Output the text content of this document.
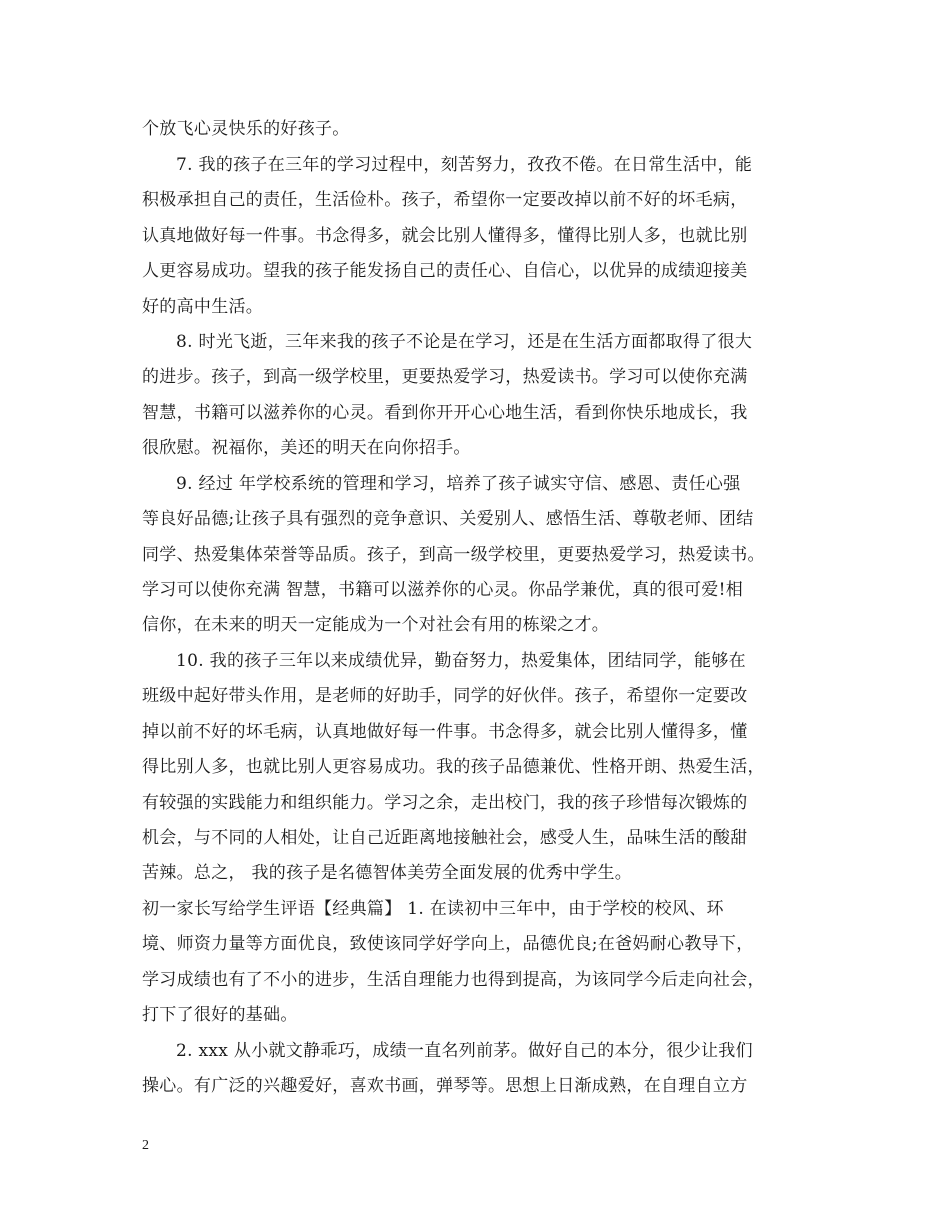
个放飞心灵快乐的好孩子。
7. 我的孩子在三年的学习过程中，刻苦努力，孜孜不倦。在日常生活中，能
积极承担自己的责任，生活俭朴。孩子，希望你一定要改掉以前不好的坏毛病，
认真地做好每一件事。书念得多，就会比别人懂得多，懂得比别人多，也就比别
人更容易成功。望我的孩子能发扬自己的责任心、自信心，以优异的成绩迎接美
好的高中生活。
8. 时光飞逝，三年来我的孩子不论是在学习，还是在生活方面都取得了很大
的进步。孩子，到高一级学校里，更要热爱学习，热爱读书。学习可以使你充满
智慧，书籍可以滋养你的心灵。看到你开开心心地生活，看到你快乐地成长，我
很欣慰。祝福你，美还的明天在向你招手。
9. 经过 年学校系统的管理和学习，培养了孩子诚实守信、感恩、责任心强
等良好品德;让孩子具有强烈的竞争意识、关爱别人、感悟生活、尊敬老师、团结
同学、热爱集体荣誉等品质。孩子，到高一级学校里，更要热爱学习，热爱读书。
学习可以使你充满 智慧，书籍可以滋养你的心灵。你品学兼优，真的很可爱!相
信你，在未来的明天一定能成为一个对社会有用的栋梁之才。
10. 我的孩子三年以来成绩优异，勤奋努力，热爱集体，团结同学，能够在
班级中起好带头作用，是老师的好助手，同学的好伙伴。孩子，希望你一定要改
掉以前不好的坏毛病，认真地做好每一件事。书念得多，就会比别人懂得多，懂
得比别人多，也就比别人更容易成功。我的孩子品德兼优、性格开朗、热爱生活，
有较强的实践能力和组织能力。学习之余，走出校门，我的孩子珍惜每次锻炼的
机会，与不同的人相处，让自己近距离地接触社会，感受人生，品味生活的酸甜
苦辣。总之， 我的孩子是名德智体美劳全面发展的优秀中学生。
初一家长写给学生评语【经典篇】 1. 在读初中三年中，由于学校的校风、环
境、师资力量等方面优良，致使该同学好学向上，品德优良;在爸妈耐心教导下，
学习成绩也有了不小的进步，生活自理能力也得到提高，为该同学今后走向社会，
打下了很好的基础。
2. xxx 从小就文静乖巧，成绩一直名列前茅。做好自己的本分，很少让我们
操心。有广泛的兴趣爱好，喜欢书画，弹琴等。思想上日渐成熟，在自理自立方
2
